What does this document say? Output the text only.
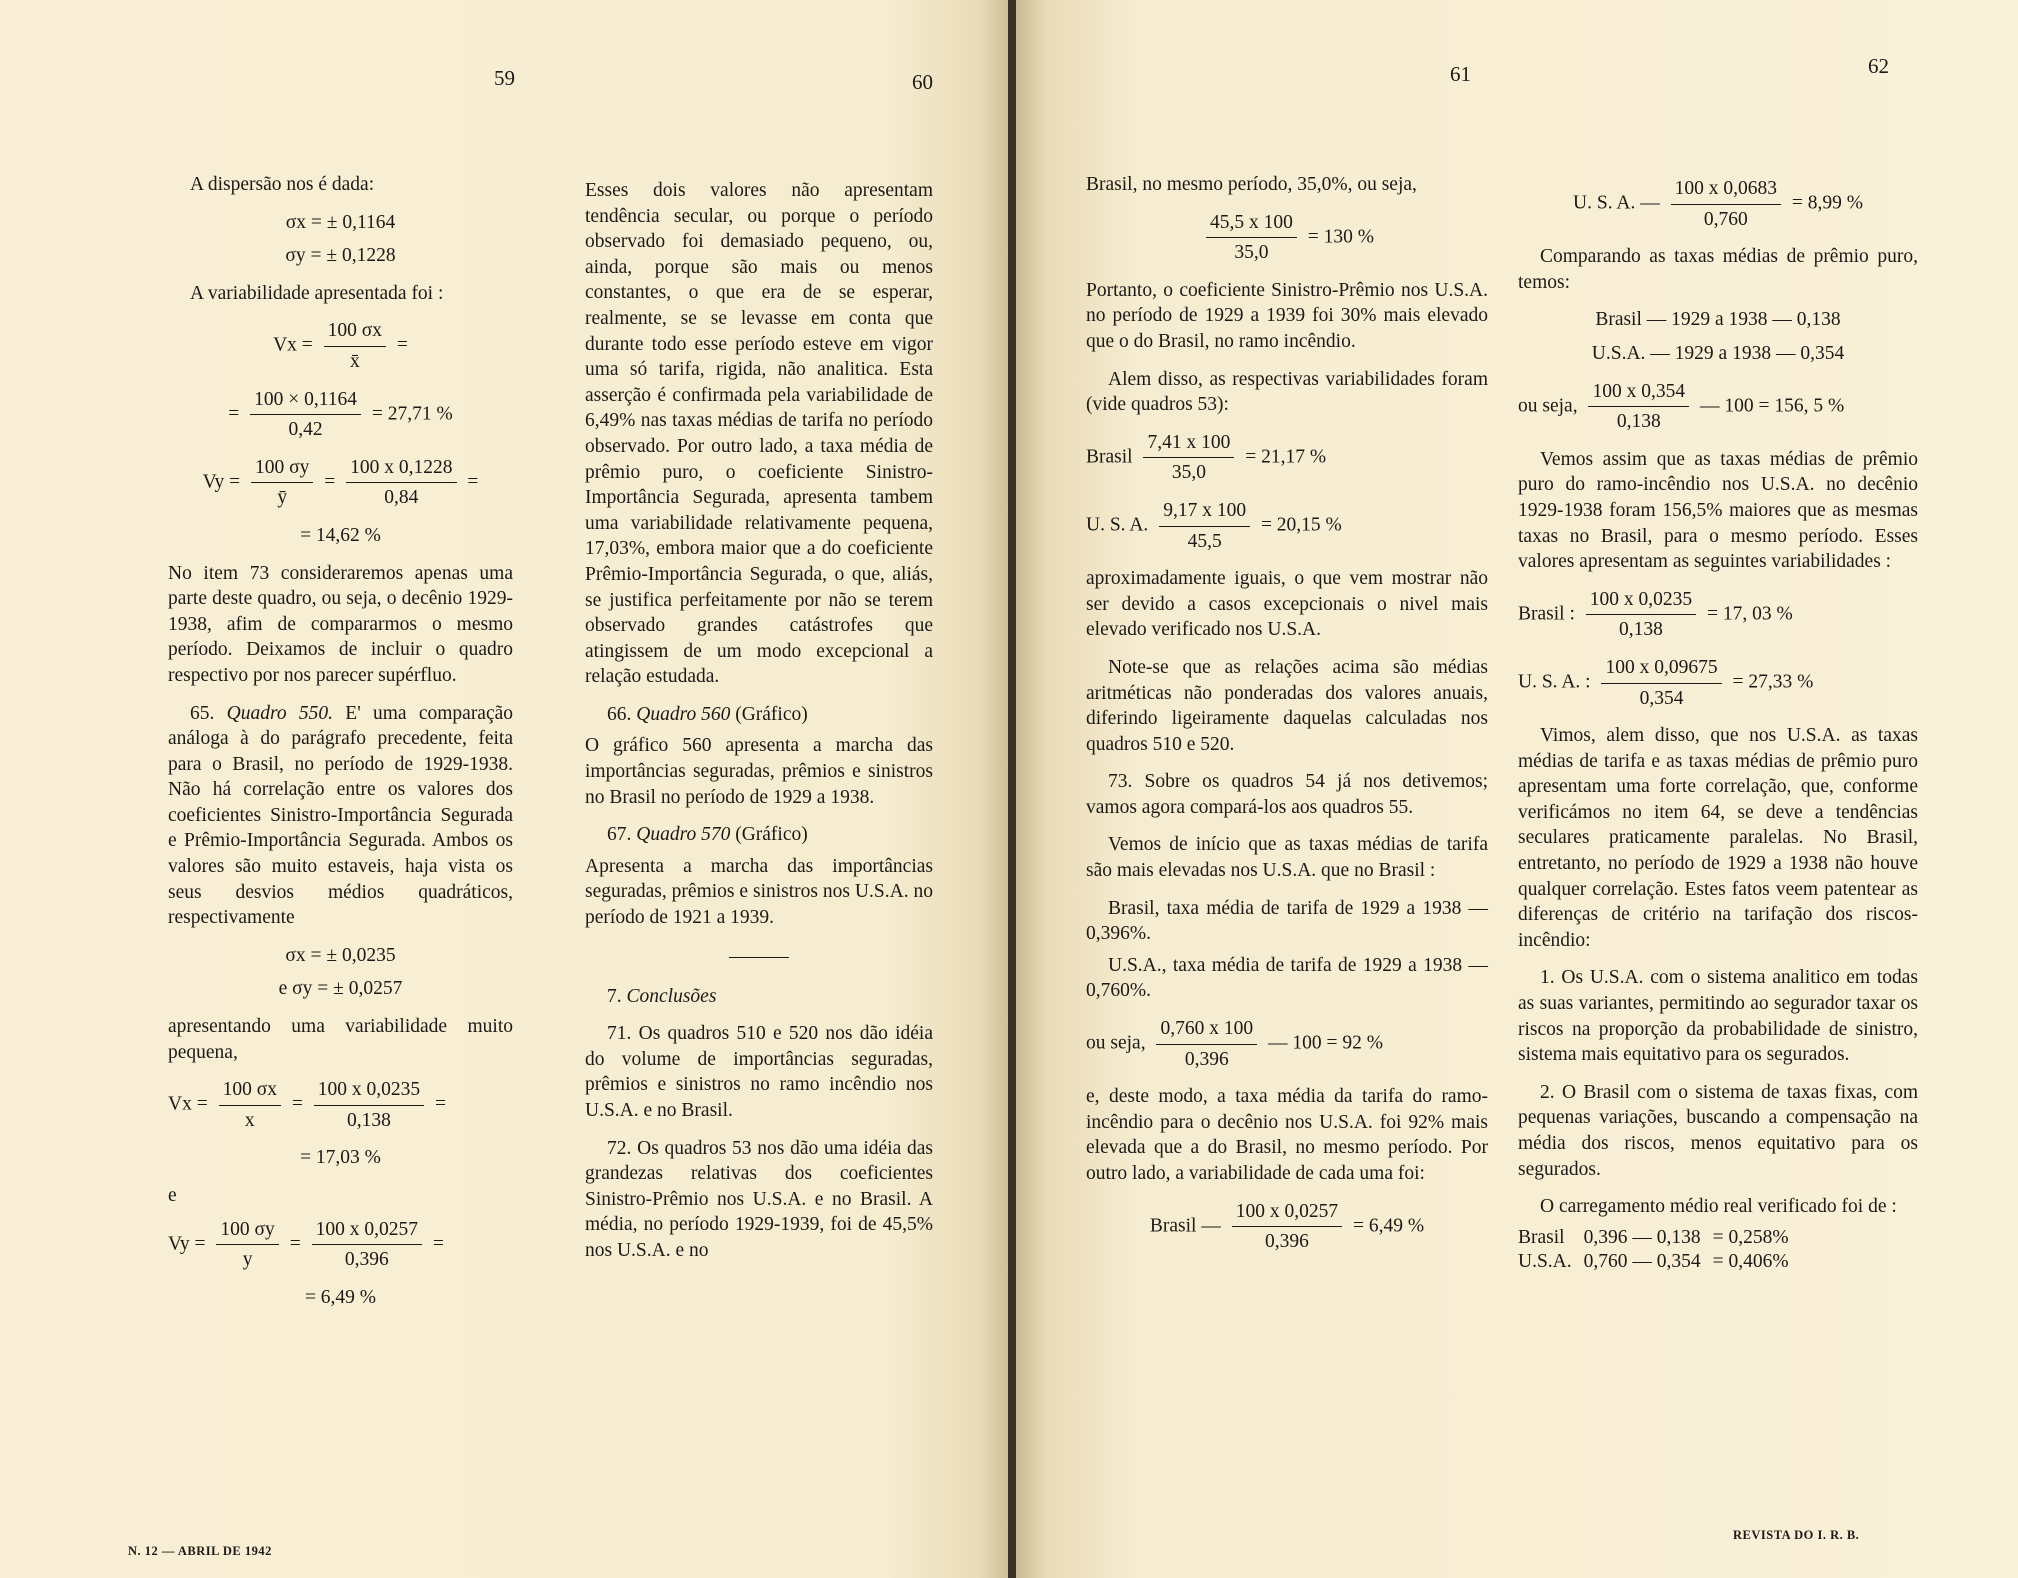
59	60

A dispersão nos é dada:

σx = ± 0,1164
σy = ± 0,1228

A variabilidade apresentada foi :

$Vx = \frac{100 \sigma x}{x̄}$ =
= $\frac{100 \times 0,1164}{0,42} = 27,71$ %
$Vy = \frac{100 \sigma y}{ȳ} = \frac{100 x 0,1228}{0,84}$ =
= 14,62 %

No item 73 consideraremos apenas uma parte deste quadro, ou seja, o decênio 1929-1938, afim de compararmos o mesmo período. Deixamos de incluir o quadro respectivo por nos parecer supérfluo.

65. Quadro 550. E' uma comparação análoga à do parágrafo precedente, feita para o Brasil, no período de 1929-1938. Não há correlação entre os valores dos coeficientes Sinistro-Importância Segurada e Prêmio-Importância Segurada. Ambos os valores são muito estaveis, haja vista os seus desvios médios quadráticos, respectivamente

σx = ± 0,0235
e σy = ± 0,0257

apresentando uma variabilidade muito pequena,

$Vx = \frac{100 \sigma x}{x} = \frac{100 x 0,0235}{0,138}$ =
= 17,03 %
e
$Vy = \frac{100 \sigma y}{y} = \frac{100 x 0,0257}{0,396}$ =
= 6,49 %

Esses dois valores não apresentam tendência secular, ou porque o período observado foi demasiado pequeno, ou, ainda, porque são mais ou menos constantes, o que era de se esperar, realmente, se se levasse em conta que durante todo esse período esteve em vigor uma só tarifa, rigida, não analitica. Esta asserção é confirmada pela variabilidade de 6,49% nas taxas médias de tarifa no período observado. Por outro lado, a taxa média de prêmio puro, o coeficiente Sinistro-Importância Segurada, apresenta tambem uma variabilidade relativamente pequena, 17,03%, embora maior que a do coeficiente Prêmio-Importância Segurada, o que, aliás, se justifica perfeitamente por não se terem observado grandes catástrofes que atingissem de um modo excepcional a relação estudada.

66. Quadro 560 (Gráfico)

O gráfico 560 apresenta a marcha das importâncias seguradas, prêmios e sinistros no Brasil no período de 1929 a 1938.

67. Quadro 570 (Gráfico)

Apresenta a marcha das importâncias seguradas, prêmios e sinistros nos U.S.A. no período de 1921 a 1939.

7. Conclusões

71. Os quadros 510 e 520 nos dão idéia do volume de importâncias seguradas, prêmios e sinistros no ramo incêndio nos U.S.A. e no Brasil.

72. Os quadros 53 nos dão uma idéia das grandezas relativas dos coeficientes Sinistro-Prêmio nos U.S.A. e no Brasil. A média, no período 1929-1939, foi de 45,5% nos U.S.A. e no

N. 12 — ABRIL DE 1942
61	62

Brasil, no mesmo período, 35,0%, ou seja,

$\frac{45,5 x 100}{35,0} = 130$ %

Portanto, o coeficiente Sinistro-Prêmio nos U.S.A. no período de 1929 a 1939 foi 30% mais elevado que o do Brasil, no ramo incêndio.

Alem disso, as respectivas variabilidades foram (vide quadros 53):

Brasil $\frac{7,41 x 100}{35,0} = 21,17$ %
U. S. A. $\frac{9,17 x 100}{45,5} = 20,15$ %

aproximadamente iguais, o que vem mostrar não ser devido a casos excepcionais o nivel mais elevado verificado nos U.S.A.

Note-se que as relações acima são médias aritméticas não ponderadas dos valores anuais, diferindo ligeiramente daquelas calculadas nos quadros 510 e 520.

73. Sobre os quadros 54 já nos detivemos; vamos agora compará-los aos quadros 55.

Vemos de início que as taxas médias de tarifa são mais elevadas nos U.S.A. que no Brasil :

Brasil, taxa média de tarifa de 1929 a 1938 — 0,396%.

U.S.A., taxa média de tarifa de 1929 a 1938 — 0,760%.

ou seja, $\frac{0,760 x 100}{0,396}$ — 100 = 92 %

e, deste modo, a taxa média da tarifa do ramo-incêndio para o decênio nos U.S.A. foi 92% mais elevada que a do Brasil, no mesmo período. Por outro lado, a variabilidade de cada uma foi:

Brasil — $\frac{100 x 0,0257}{0,396} = 6,49$ %
U. S. A. — $\frac{100 x 0,0683}{0,760} = 8,99$ %

Comparando as taxas médias de prêmio puro, temos:

Brasil — 1929 a 1938 — 0,138
U.S.A. — 1929 a 1938 — 0,354
ou seja, $\frac{100 x 0,354}{0,138}$ — 100 = 156, 5 %

Vemos assim que as taxas médias de prêmio puro do ramo-incêndio nos U.S.A. no decênio 1929-1938 foram 156,5% maiores que as mesmas taxas no Brasil, para o mesmo período. Esses valores apresentam as seguintes variabilidades :

Brasil : $\frac{100 x 0,0235}{0,138} = 17$, 03 %
U. S. A. : $\frac{100 x 0,09675}{0,354} = 27,33$ %

Vimos, alem disso, que nos U.S.A. as taxas médias de tarifa e as taxas médias de prêmio puro apresentam uma forte correlação, que, conforme verificámos no item 64, se deve a tendências seculares praticamente paralelas. No Brasil, entretanto, no período de 1929 a 1938 não houve qualquer correlação. Estes fatos veem patentear as diferenças de critério na tarifação dos riscos-incêndio:

1. Os U.S.A. com o sistema analitico em todas as suas variantes, permitindo ao segurador taxar os riscos na proporção da probabilidade de sinistro, sistema mais equitativo para os segurados.

2. O Brasil com o sistema de taxas fixas, com pequenas variações, buscando a compensação na média dos riscos, menos equitativo para os segurados.

O carregamento médio real verificado foi de :

Brasil	0,396 — 0,138	= 0,258%
U.S.A.	0,760 — 0,354	= 0,406%
REVISTA DO I. R. B.
